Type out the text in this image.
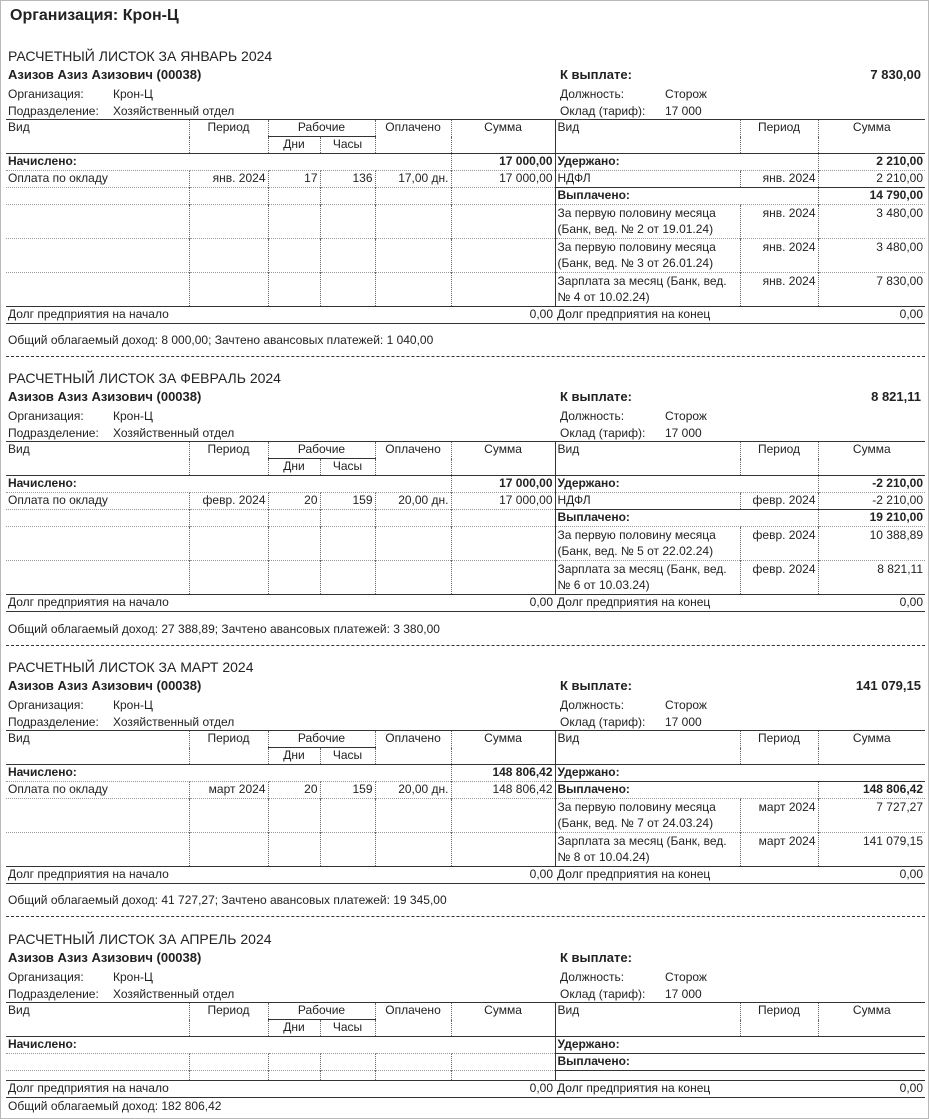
Организация: Крон-Ц
РАСЧЕТНЫЙ ЛИСТОК ЗА ЯНВАРЬ 2024
Азизов Азиз Азизович (00038)	К выплате:	7 830,00
Организация: Крон-Ц
Подразделение: Хозяйственный отдел
Должность:	Сторож
Оклад (тариф): 17 000
Вид	Период	Рабочие		Оплачено	Сумма	Вид	Период	Сумма
		Дни	Часы					
Начислено:					17 000,00	Удержано:		2 210,00
Оплата по окладу	янв. 2024	17	136	17,00 дн.	17 000,00	НДФЛ	янв. 2024	2 210,00
						Выплачено:		14 790,00
						За первую половину месяца (Банк, вед. № 2 от 19.01.24)	янв. 2024	3 480,00
						За первую половину месяца (Банк, вед. № 3 от 26.01.24)	янв. 2024	3 480,00
						Зарплата за месяц (Банк, вед. № 4 от 10.02.24)	янв. 2024	7 830,00
Долг предприятия на начало					0,00	Долг предприятия на конец		0,00

Общий облагаемый доход: 8 000,00; Зачтено авансовых платежей: 1 040,00
РАСЧЕТНЫЙ ЛИСТОК ЗА ФЕВРАЛЬ 2024
Азизов Азиз Азизович (00038)	К выплате:	8 821,11
Организация: Крон-Ц
Подразделение: Хозяйственный отдел
Должность:	Сторож
Оклад (тариф): 17 000
Вид	Период	Рабочие		Оплачено	Сумма	Вид	Период	Сумма
		Дни	Часы					
Начислено:					17 000,00	Удержано:		-2 210,00
Оплата по окладу	февр. 2024	20	159	20,00 дн.	17 000,00	НДФЛ	февр. 2024	-2 210,00
						Выплачено:		19 210,00
						За первую половину месяца (Банк, вед. № 5 от 22.02.24)	февр. 2024	10 388,89
						Зарплата за месяц (Банк, вед. № 6 от 10.03.24)	февр. 2024	8 821,11
Долг предприятия на начало					0,00	Долг предприятия на конец		0,00

Общий облагаемый доход: 27 388,89; Зачтено авансовых платежей: 3 380,00
РАСЧЕТНЫЙ ЛИСТОК ЗА МАРТ 2024
Азизов Азиз Азизович (00038)	К выплате:	141 079,15
Организация: Крон-Ц
Подразделение: Хозяйственный отдел
Должность:	Сторож
Оклад (тариф): 17 000
Вид	Период	Рабочие		Оплачено	Сумма	Вид	Период	Сумма
		Дни	Часы					
Начислено:					148 806,42	Удержано:		
Оплата по окладу	март 2024	20	159	20,00 дн.	148 806,42	Выплачено:		148 806,42
						За первую половину месяца (Банк, вед. № 7 от 24.03.24)	март 2024	7 727,27
						Зарплата за месяц (Банк, вед. № 8 от 10.04.24)	март 2024	141 079,15
Долг предприятия на начало					0,00	Долг предприятия на конец		0,00

Общий облагаемый доход: 41 727,27; Зачтено авансовых платежей: 19 345,00
РАСЧЕТНЫЙ ЛИСТОК ЗА АПРЕЛЬ 2024
Азизов Азиз Азизович (00038)	К выплате:
Организация: Крон-Ц
Подразделение: Хозяйственный отдел
Должность:	Сторож
Оклад (тариф): 17 000
Вид	Период	Рабочие		Оплачено	Сумма	Вид	Период	Сумма
		Дни	Часы					
Начислено:						Удержано:		
						Выплачено:		

Долг предприятия на начало					0,00	Долг предприятия на конец		0,00

Общий облагаемый доход: 182 806,42
